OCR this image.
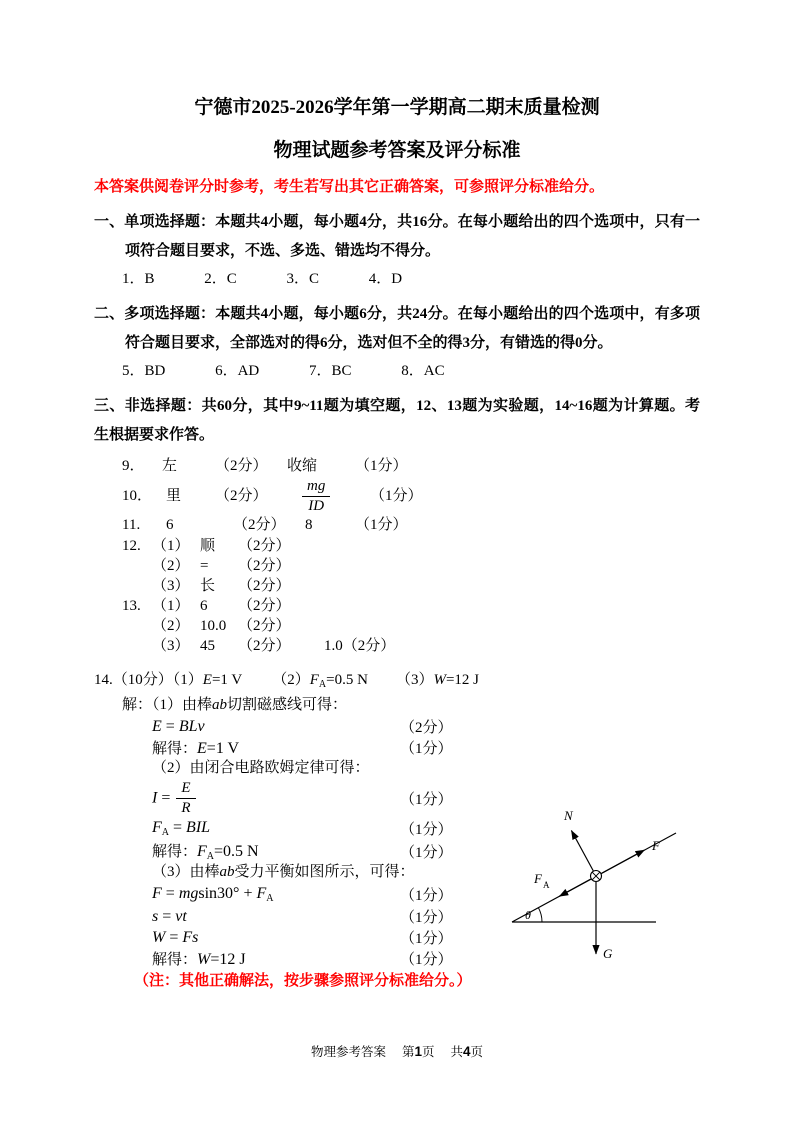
宁德市2025-2026学年第一学期高二期末质量检测
物理试题参考答案及评分标准
本答案供阅卷评分时参考，考生若写出其它正确答案，可参照评分标准给分。
一、单项选择题：本题共4小题，每小题4分，共16分。在每小题给出的四个选项中，只有一项符合题目要求，不选、多选、错选均不得分。
1．B	2．C	3．C	4．D
二、多项选择题：本题共4小题，每小题6分，共24分。在每小题给出的四个选项中，有多项符合题目要求，全部选对的得6分，选对但不全的得3分，有错选的得0分。
5．BD	6．AD	7．BC	8．AC
三、非选择题：共60分，其中9~11题为填空题，12、13题为实验题，14~16题为计算题。考生根据要求作答。
9．	左	（2分）	收缩	（1分）
10． 里	（2分）	$\frac{mg}{ID}$	（1分）
11.	6	（2分）	8	（1分）
12. （1） 顺	（2分）
（2） =	（2分）
（3） 长	（2分）
13. （1） 6	（2分）
（2） 10.0 （2分）
（3） 45	（2分）	1.0（2分）
14.（10分）（1）E=1 V $(2)F_A=0.5$ N （3）W=12 J
解：（1）由棒ab切割磁感线可得：
E = BLv	（2分）
解得：E=1 V	（1分）
（2）由闭合电路欧姆定律可得：
$I = \frac{E}{R}$	（1分）
FA = BIL	（1分）
解得：FA=0.5 N	（1分）
（3）由棒ab受力平衡如图所示，可得：
F = mgsin30° + FA	（1分）
s = vt	（1分）
W = Fs	（1分）
解得：W=12 J	（1分）
（注：其他正确解法，按步骤参照评分标准给分。）
θ
N
F
F A
G
物理参考答案 第1页 共4页
